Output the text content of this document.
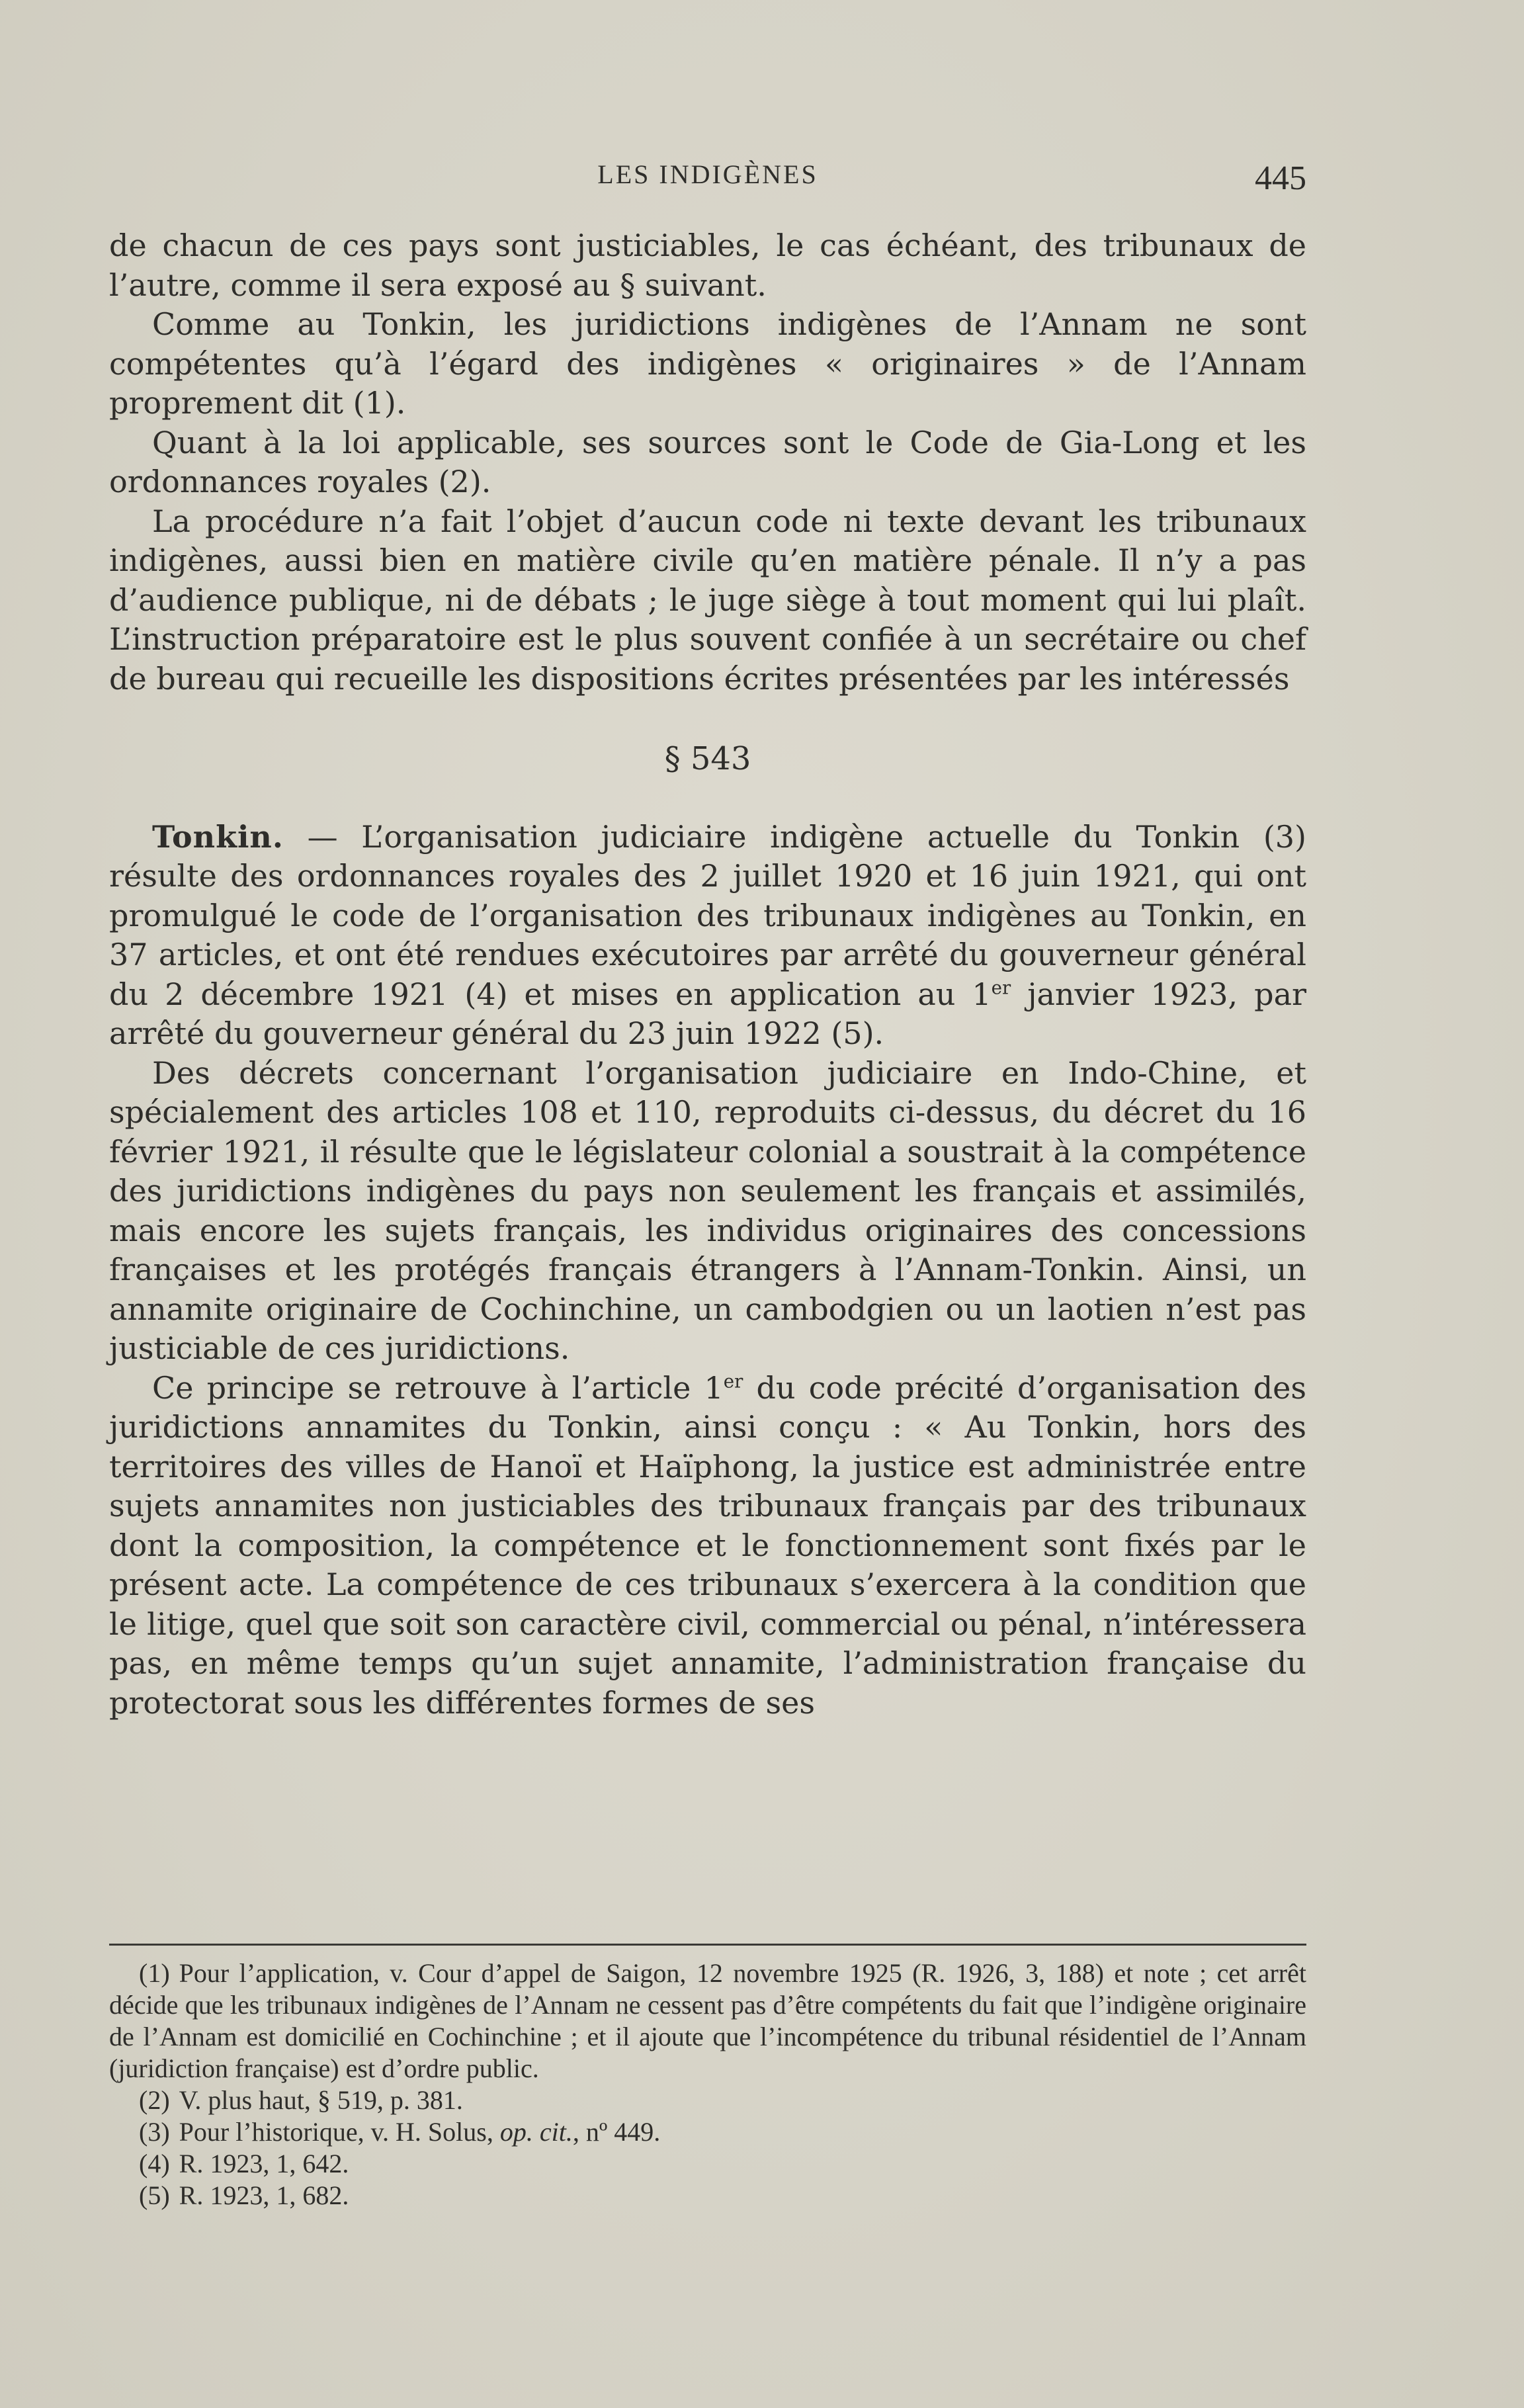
LES INDIGÈNES	445

de chacun de ces pays sont justiciables, le cas échéant, des tribunaux de l’autre, comme il sera exposé au § suivant.

Comme au Tonkin, les juridictions indigènes de l’Annam ne sont compétentes qu’à l’égard des indigènes « originaires » de l’Annam proprement dit (1).

Quant à la loi applicable, ses sources sont le Code de Gia-Long et les ordonnances royales (2).

La procédure n’a fait l’objet d’aucun code ni texte devant les tribunaux indigènes, aussi bien en matière civile qu’en matière pénale. Il n’y a pas d’audience publique, ni de débats ; le juge siège à tout moment qui lui plaît. L’instruction préparatoire est le plus souvent confiée à un secrétaire ou chef de bureau qui recueille les dispositions écrites présentées par les intéressés

§ 543

Tonkin. — L’organisation judiciaire indigène actuelle du Tonkin (3) résulte des ordonnances royales des 2 juillet 1920 et 16 juin 1921, qui ont promulgué le code de l’organisation des tribunaux indigènes au Tonkin, en 37 articles, et ont été rendues exécutoires par arrêté du gouverneur général du 2 décembre 1921 (4) et mises en application au 1er janvier 1923, par arrêté du gouverneur général du 23 juin 1922 (5).

Des décrets concernant l’organisation judiciaire en Indo-Chine, et spécialement des articles 108 et 110, reproduits ci-dessus, du décret du 16 février 1921, il résulte que le législateur colonial a soustrait à la compétence des juridictions indigènes du pays non seulement les français et assimilés, mais encore les sujets français, les individus originaires des concessions françaises et les protégés français étrangers à l’Annam-Tonkin. Ainsi, un annamite originaire de Cochinchine, un cambodgien ou un laotien n’est pas justiciable de ces juridictions.

Ce principe se retrouve à l’article 1er du code précité d’organisation des juridictions annamites du Tonkin, ainsi conçu : « Au Tonkin, hors des territoires des villes de Hanoï et Haïphong, la justice est administrée entre sujets annamites non justiciables des tribunaux français par des tribunaux dont la composition, la compétence et le fonctionnement sont fixés par le présent acte. La compétence de ces tribunaux s’exercera à la condition que le litige, quel que soit son caractère civil, commercial ou pénal, n’intéressera pas, en même temps qu’un sujet annamite, l’administration française du protectorat sous les différentes formes de ses

(1) Pour l’application, v. Cour d’appel de Saigon, 12 novembre 1925 (R. 1926, 3, 188) et note ; cet arrêt décide que les tribunaux indigènes de l’Annam ne cessent pas d’être compétents du fait que l’indigène originaire de l’Annam est domicilié en Cochinchine ; et il ajoute que l’incompétence du tribunal résidentiel de l’Annam (juridiction française) est d’ordre public.

(2) V. plus haut, § 519, p. 381.

(3) Pour l’historique, v. H. Solus, op. cit., nº 449.

(4) R. 1923, 1, 642.

(5) R. 1923, 1, 682.
